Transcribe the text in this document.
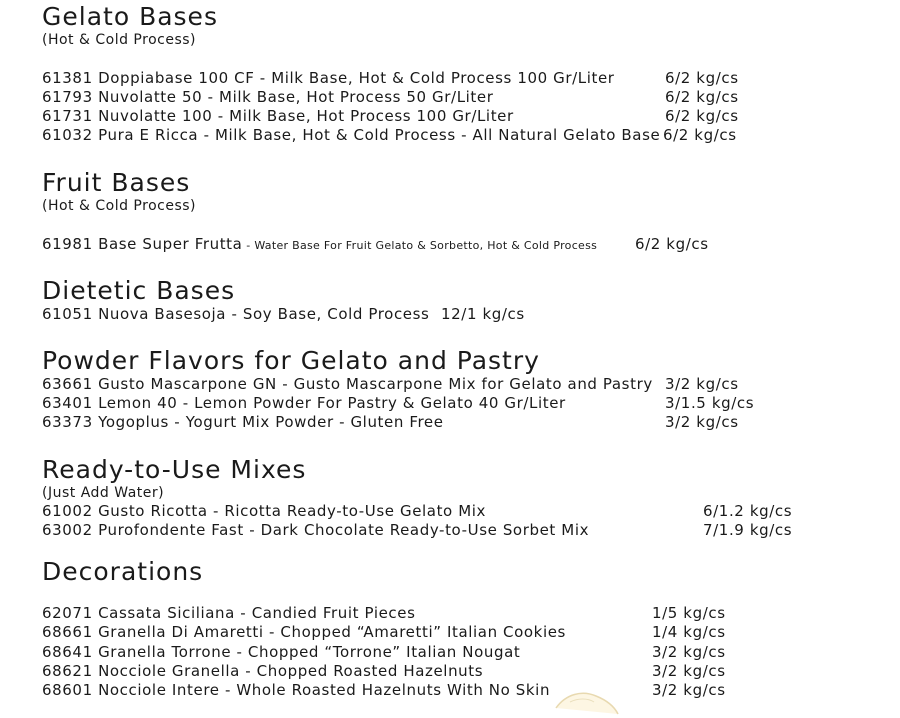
Gelato Bases
(Hot & Cold Process)
61381 Doppiabase 100 CF - Milk Base, Hot & Cold Process 100 Gr/Liter	6/2 kg/cs
61793 Nuvolatte 50 - Milk Base, Hot Process 50 Gr/Liter	6/2 kg/cs
61731 Nuvolatte 100 - Milk Base, Hot Process 100 Gr/Liter	6/2 kg/cs
61032 Pura E Ricca - Milk Base, Hot & Cold Process - All Natural Gelato Base 6/2 kg/cs
Fruit Bases
(Hot & Cold Process)
61981 Base Super Frutta - Water Base For Fruit Gelato & Sorbetto, Hot & Cold Process	6/2 kg/cs
Dietetic Bases
61051 Nuova Basesoja - Soy Base, Cold Process 12/1 kg/cs
Powder Flavors for Gelato and Pastry
63661 Gusto Mascarpone GN - Gusto Mascarpone Mix for Gelato and Pastry 3/2 kg/cs
63401 Lemon 40 - Lemon Powder For Pastry & Gelato 40 Gr/Liter	3/1.5 kg/cs
63373 Yogoplus - Yogurt Mix Powder - Gluten Free	3/2 kg/cs
Ready-to-Use Mixes
(Just Add Water)
61002 Gusto Ricotta - Ricotta Ready-to-Use Gelato Mix	6/1.2 kg/cs
63002 Purofondente Fast - Dark Chocolate Ready-to-Use Sorbet Mix	7/1.9 kg/cs
Decorations
62071 Cassata Siciliana - Candied Fruit Pieces	1/5 kg/cs
68661 Granella Di Amaretti - Chopped “Amaretti” Italian Cookies	1/4 kg/cs
68641 Granella Torrone - Chopped “Torrone” Italian Nougat	3/2 kg/cs
68621 Nocciole Granella - Chopped Roasted Hazelnuts	3/2 kg/cs
68601 Nocciole Intere - Whole Roasted Hazelnuts With No Skin	3/2 kg/cs
